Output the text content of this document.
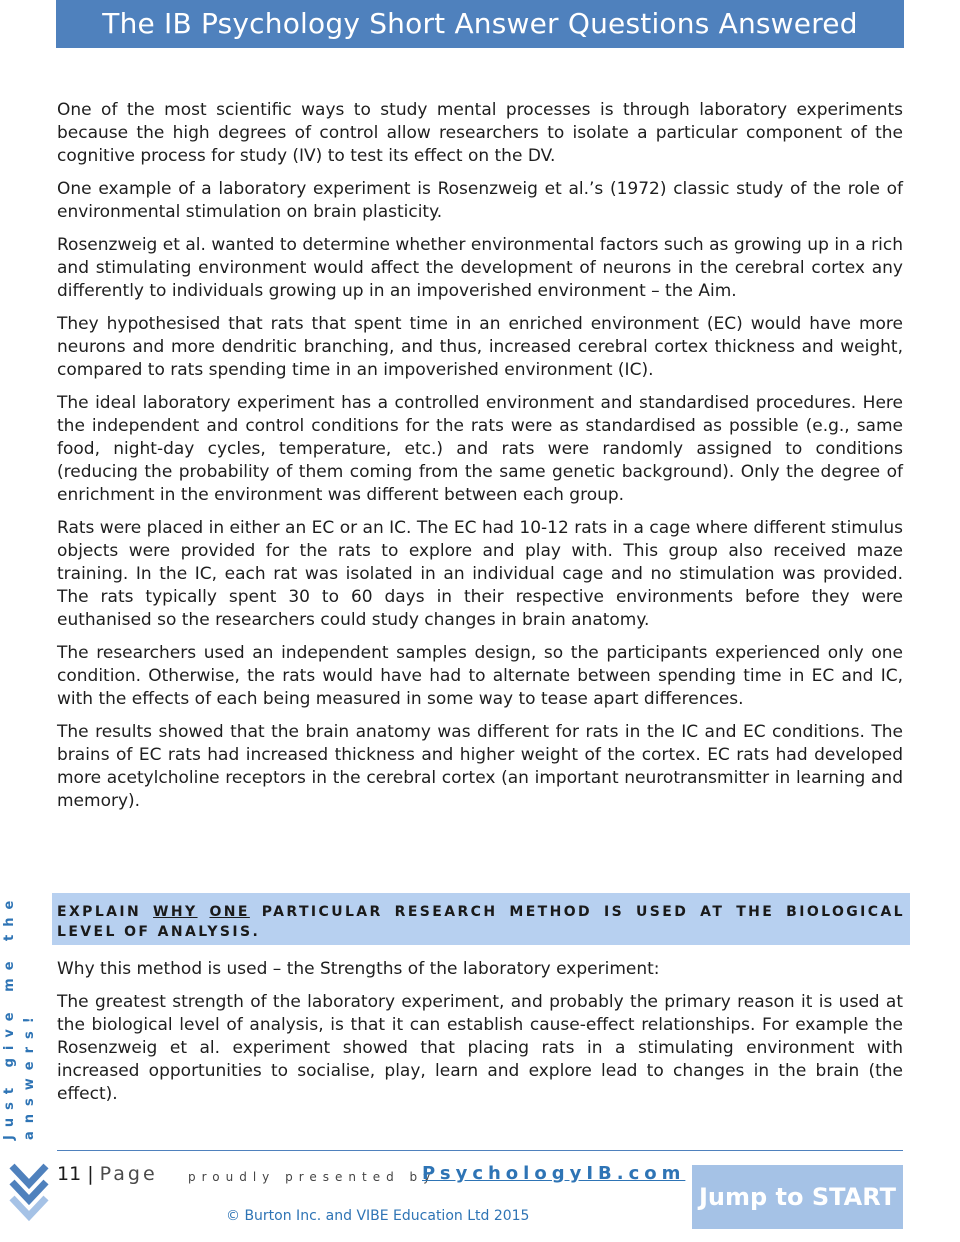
The IB Psychology Short Answer Questions Answered

One of the most scientific ways to study mental processes is through laboratory experiments because the high degrees of control allow researchers to isolate a particular component of the cognitive process for study (IV) to test its effect on the DV.

One example of a laboratory experiment is Rosenzweig et al.’s (1972) classic study of the role of environmental stimulation on brain plasticity.

Rosenzweig et al. wanted to determine whether environmental factors such as growing up in a rich and stimulating environment would affect the development of neurons in the cerebral cortex any differently to individuals growing up in an impoverished environment – the Aim.

They hypothesised that rats that spent time in an enriched environment (EC) would have more neurons and more dendritic branching, and thus, increased cerebral cortex thickness and weight, compared to rats spending time in an impoverished environment (IC).

The ideal laboratory experiment has a controlled environment and standardised procedures. Here the independent and control conditions for the rats were as standardised as possible (e.g., same food, night-day cycles, temperature, etc.) and rats were randomly assigned to conditions (reducing the probability of them coming from the same genetic background). Only the degree of enrichment in the environment was different between each group.

Rats were placed in either an EC or an IC. The EC had 10-12 rats in a cage where different stimulus objects were provided for the rats to explore and play with. This group also received maze training. In the IC, each rat was isolated in an individual cage and no stimulation was provided. The rats typically spent 30 to 60 days in their respective environments before they were euthanised so the researchers could study changes in brain anatomy.

The researchers used an independent samples design, so the participants experienced only one condition. Otherwise, the rats would have had to alternate between spending time in EC and IC, with the effects of each being measured in some way to tease apart differences.

The results showed that the brain anatomy was different for rats in the IC and EC conditions. The brains of EC rats had increased thickness and higher weight of the cortex. EC rats had developed more acetylcholine receptors in the cerebral cortex (an important neurotransmitter in learning and memory).

Just give me the answers!
EXPLAIN WHY ONE PARTICULAR RESEARCH METHOD IS USED AT THE BIOLOGICAL LEVEL OF ANALYSIS.

Why this method is used – the Strengths of the laboratory experiment:

The greatest strength of the laboratory experiment, and probably the primary reason it is used at the biological level of analysis, is that it can establish cause-effect relationships. For example the Rosenzweig et al. experiment showed that placing rats in a stimulating environment with increased opportunities to socialise, play, learn and explore lead to changes in the brain (the effect).

11 | Page	proudly presented by
PsychologyIB.com
© Burton Inc. and VIBE Education Ltd 2015
Jump to START
